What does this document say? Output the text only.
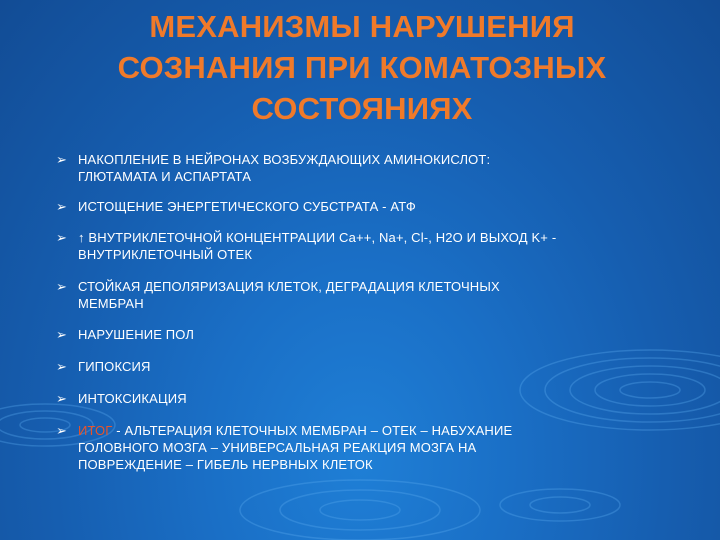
МЕХАНИЗМЫ НАРУШЕНИЯ
СОЗНАНИЯ ПРИ КОМАТОЗНЫХ
СОСТОЯНИЯХ
➢ НАКОПЛЕНИЕ В НЕЙРОНАХ ВОЗБУЖДАЮЩИХ АМИНОКИСЛОТ:
ГЛЮТАМАТА И АСПАРТАТА
➢ ИСТОЩЕНИЕ ЭНЕРГЕТИЧЕСКОГО СУБСТРАТА - АТФ
➢ ↑ ВНУТРИКЛЕТОЧНОЙ КОНЦЕНТРАЦИИ Ca++, Na+, Cl-, H2O И ВЫХОД K+ -
ВНУТРИКЛЕТОЧНЫЙ ОТЕК
➢ СТОЙКАЯ ДЕПОЛЯРИЗАЦИЯ КЛЕТОК, ДЕГРАДАЦИЯ КЛЕТОЧНЫХ
МЕМБРАН
➢ НАРУШЕНИЕ ПОЛ
➢ ГИПОКСИЯ
➢ ИНТОКСИКАЦИЯ
➢ ИТОГ - АЛЬТЕРАЦИЯ КЛЕТОЧНЫХ МЕМБРАН – ОТЕК – НАБУХАНИЕ
ГОЛОВНОГО МОЗГА – УНИВЕРСАЛЬНАЯ РЕАКЦИЯ МОЗГА НА
ПОВРЕЖДЕНИЕ – ГИБЕЛЬ НЕРВНЫХ КЛЕТОК
